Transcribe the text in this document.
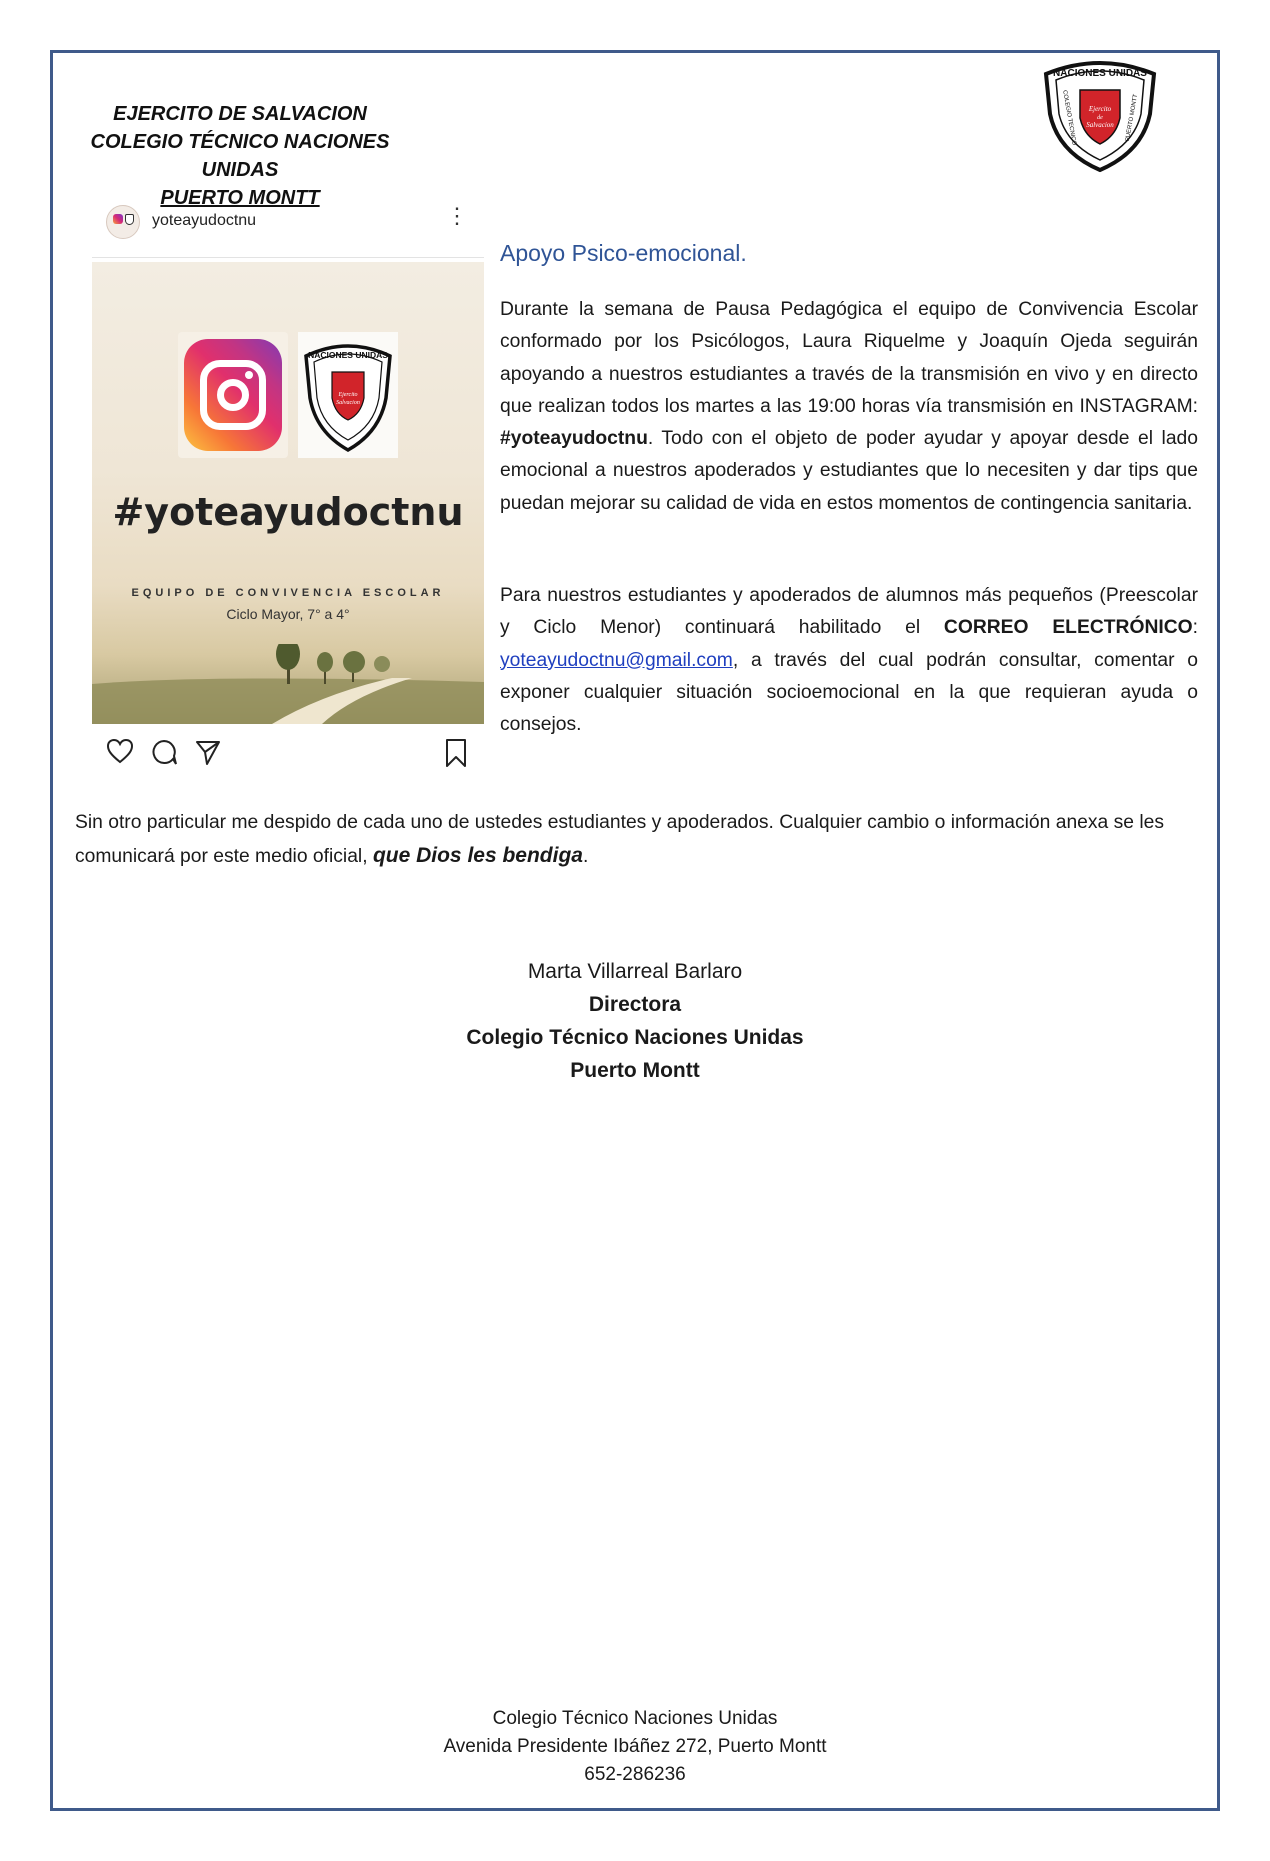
EJERCITO DE SALVACION
COLEGIO TÉCNICO NACIONES UNIDAS
PUERTO MONTT
NACIONES UNIDAS
Ejercito
de
Salvacion
COLEGIO TECNICO	PUERTO MONTT
yoteayudoctnu	⋮
NACIONES UNIDAS
Ejercito
Salvacion
#yoteayudoctnu
EQUIPO DE CONVIVENCIA ESCOLAR
Ciclo Mayor, 7° a 4°
Apoyo Psico-emocional.
Durante la semana de Pausa Pedagógica el equipo de Convivencia Escolar conformado por los Psicólogos, Laura Riquelme y Joaquín Ojeda seguirán apoyando a nuestros estudiantes a través de la transmisión en vivo y en directo que realizan todos los martes a las 19:00 horas vía transmisión en INSTAGRAM: #yoteayudoctnu. Todo con el objeto de poder ayudar y apoyar desde el lado emocional a nuestros apoderados y estudiantes que lo necesiten y dar tips que puedan mejorar su calidad de vida en estos momentos de contingencia sanitaria.
Para nuestros estudiantes y apoderados de alumnos más pequeños (Preescolar y Ciclo Menor) continuará habilitado el CORREO ELECTRÓNICO: yoteayudoctnu@gmail.com, a través del cual podrán consultar, comentar o exponer cualquier situación socioemocional en la que requieran ayuda o consejos.
Sin otro particular me despido de cada uno de ustedes estudiantes y apoderados. Cualquier cambio o información anexa se les comunicará por este medio oficial, que Dios les bendiga.
Marta Villarreal Barlaro
Directora
Colegio Técnico Naciones Unidas
Puerto Montt
Colegio Técnico Naciones Unidas
Avenida Presidente Ibáñez 272, Puerto Montt
652-286236
